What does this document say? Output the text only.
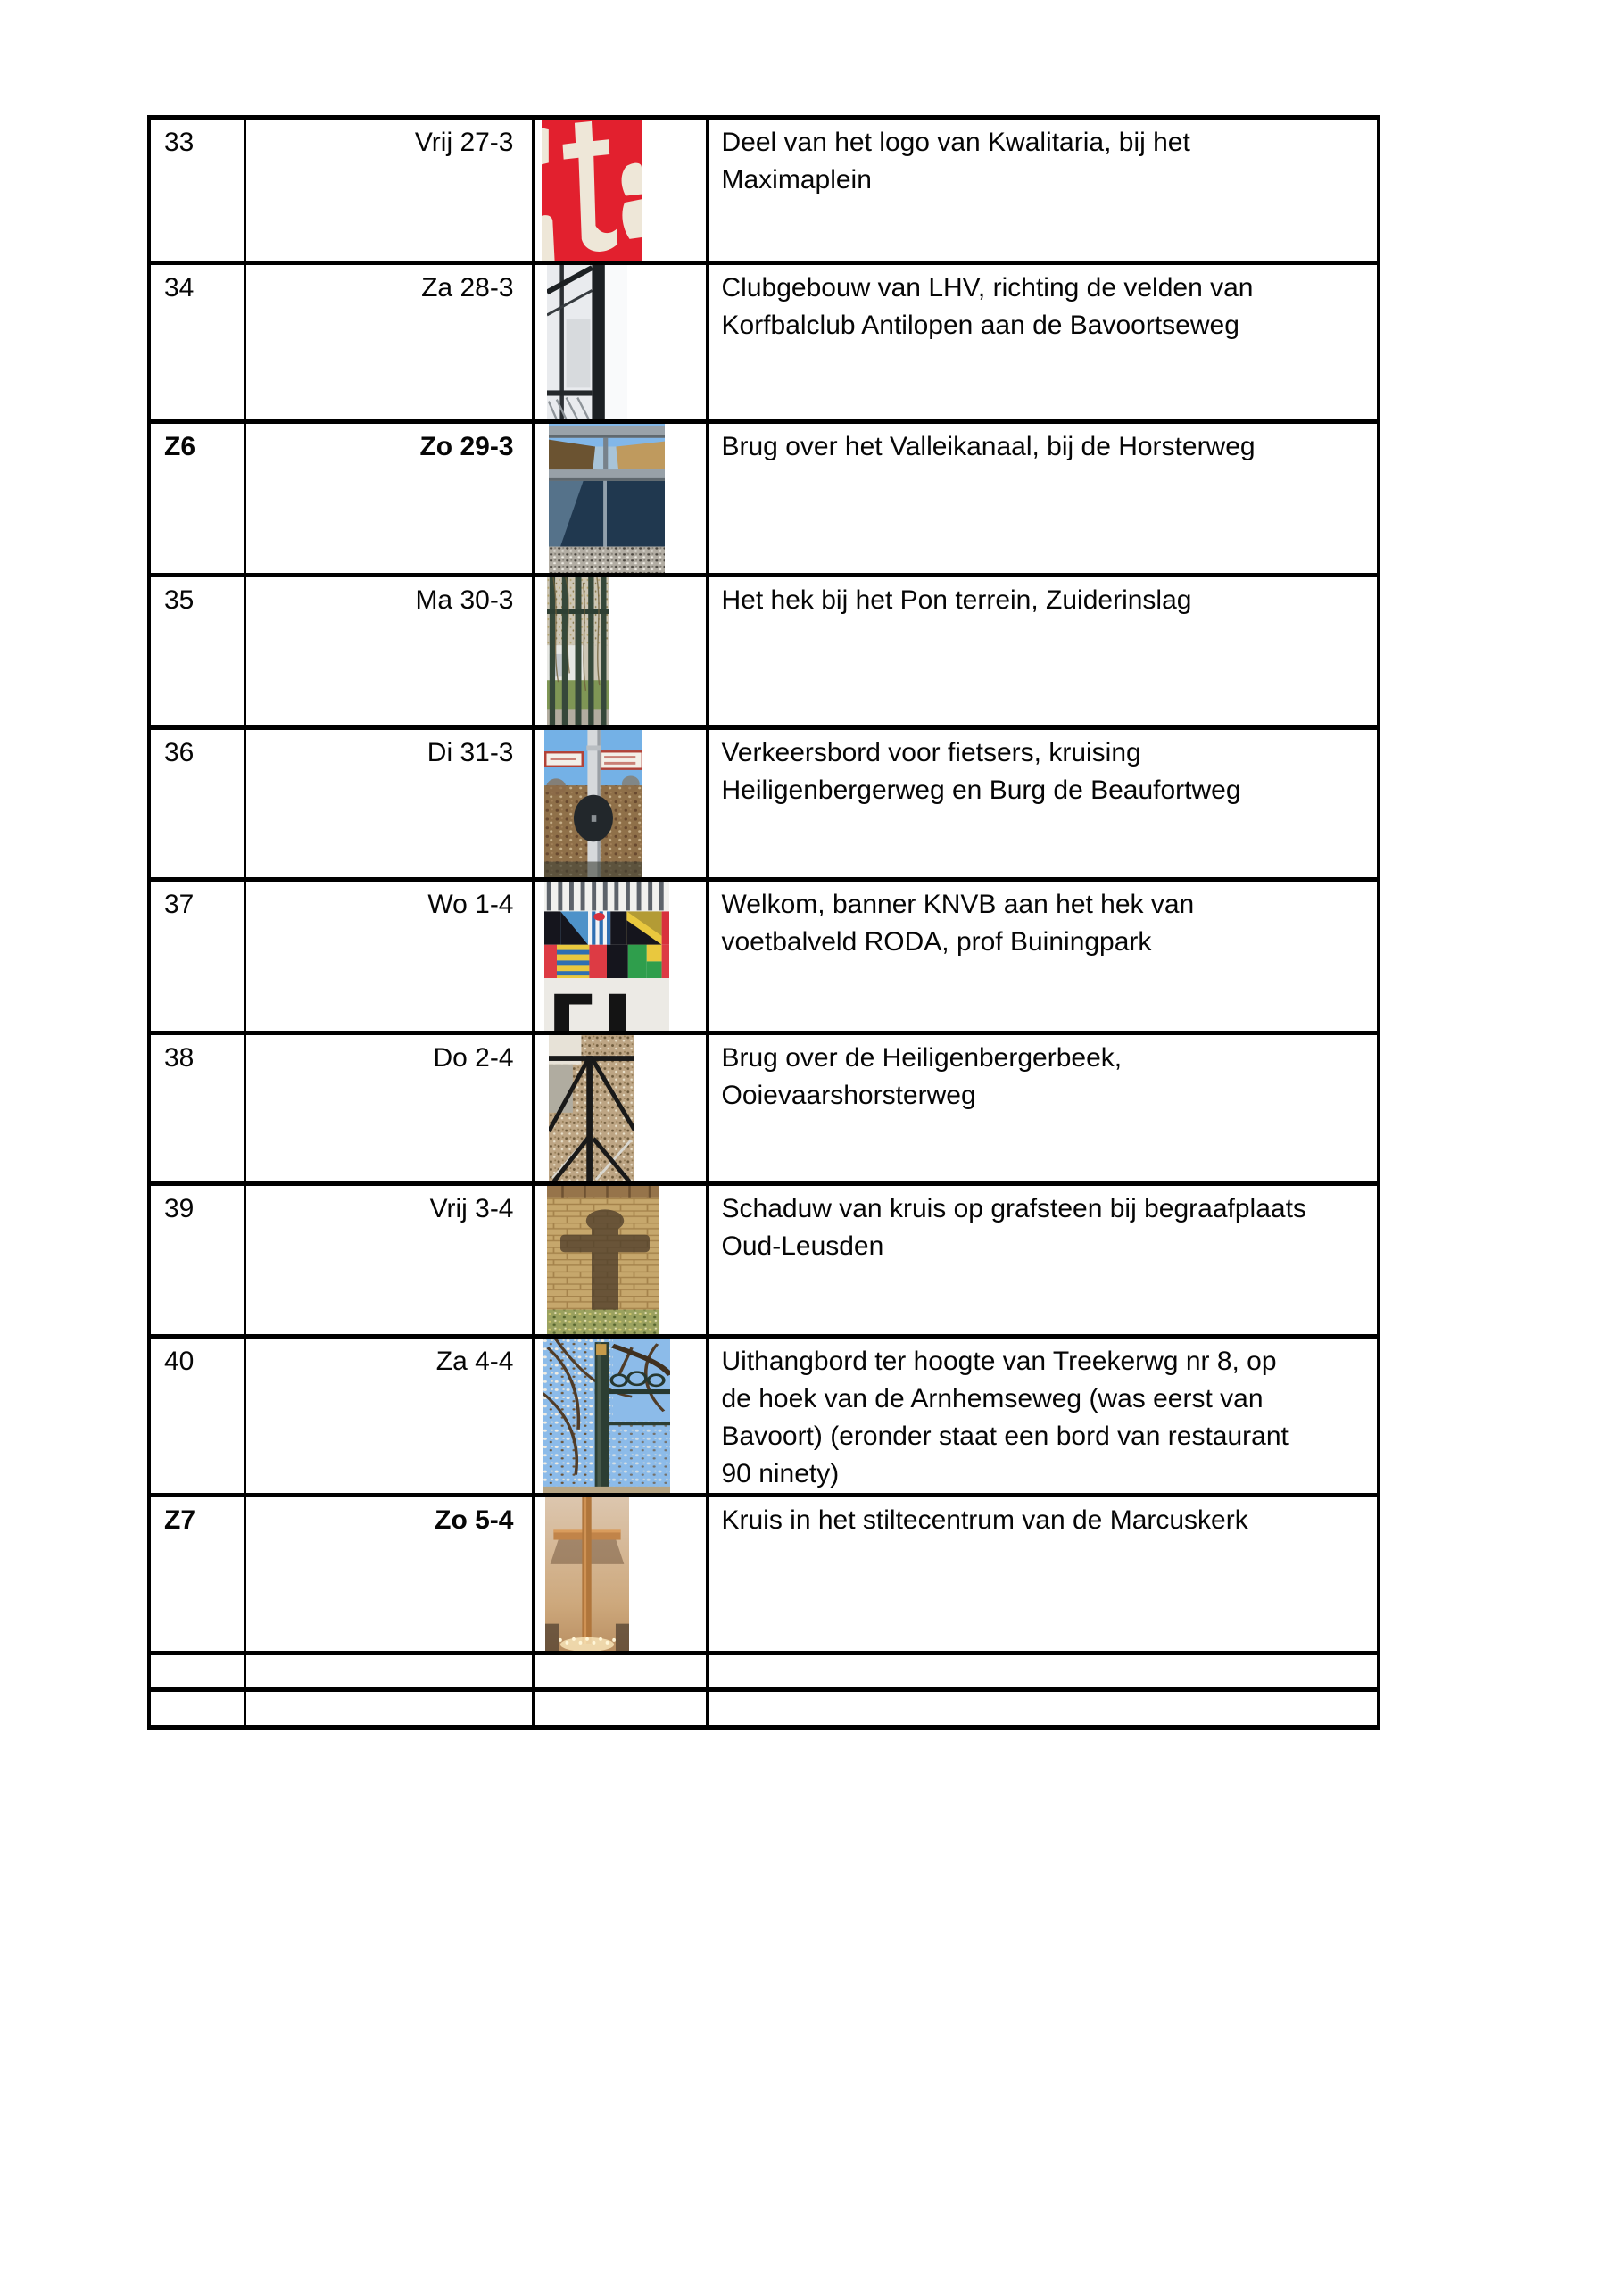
33	Vrij 27-3		Deel van het logo van Kwalitaria, bij het
Maximaplein

34	Za 28-3		Clubgebouw van LHV, richting de velden van
Korfbalclub Antilopen aan de Bavoortseweg

Z6	Zo 29-3		Brug over het Valleikanaal, bij de Horsterweg

35	Ma 30-3		Het hek bij het Pon terrein, Zuiderinslag

36	Di 31-3		Verkeersbord voor fietsers, kruising
Heiligenbergerweg en Burg de Beaufortweg

37	Wo 1-4		Welkom, banner KNVB aan het hek van
voetbalveld RODA, prof Buiningpark

38	Do 2-4		Brug over de Heiligenbergerbeek,
Ooievaarshorsterweg

39	Vrij 3-4		Schaduw van kruis op grafsteen bij begraafplaats
Oud-Leusden

40	Za 4-4		Uithangbord ter hoogte van Treekerwg nr 8, op
de hoek van de Arnhemseweg (was eerst van
Bavoort) (eronder staat een bord van restaurant
90 ninety)

Z7	Zo 5-4		Kruis in het stiltecentrum van de Marcuskerk
